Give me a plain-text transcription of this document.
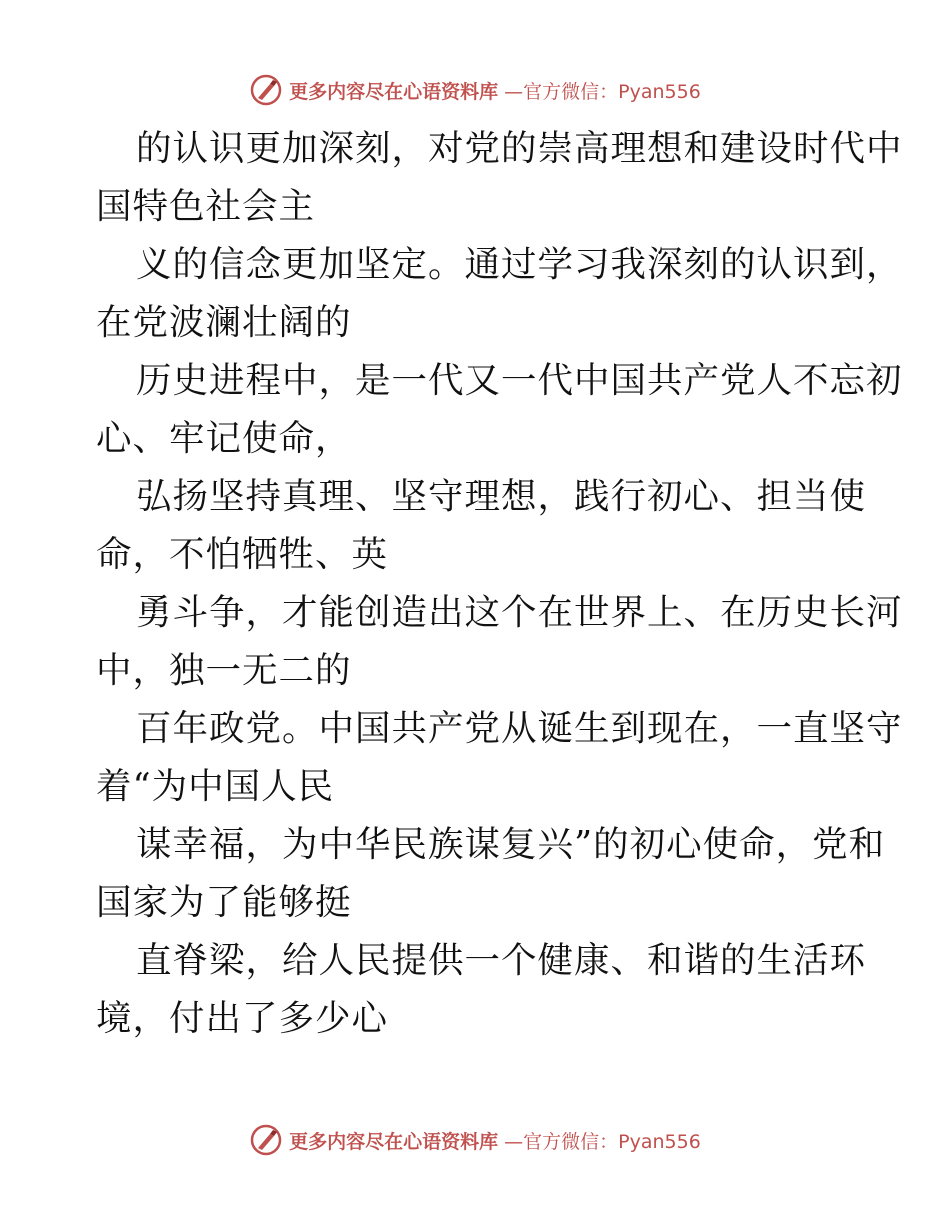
更多内容尽在心语资料库 —官方微信：Pyan556

的认识更加深刻，对党的崇高理想和建设时代中
国特色社会主

义的信念更加坚定。通过学习我深刻的认识到，
在党波澜壮阔的

历史进程中，是一代又一代中国共产党人不忘初
心、牢记使命，

弘扬坚持真理、坚守理想，践行初心、担当使
命，不怕牺牲、英

勇斗争，才能创造出这个在世界上、在历史长河
中，独一无二的

百年政党。中国共产党从诞生到现在，一直坚守
着“为中国人民

谋幸福，为中华民族谋复兴”的初心使命，党和
国家为了能够挺

直脊梁，给人民提供一个健康、和谐的生活环
境，付出了多少心

更多内容尽在心语资料库 —官方微信：Pyan556
